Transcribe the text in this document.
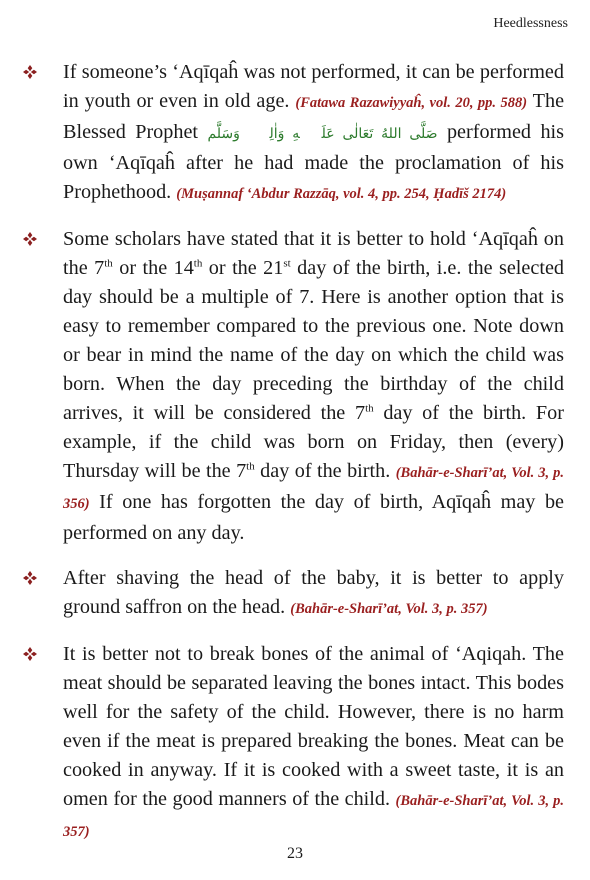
Heedlessness
If someone’s ‘Aqīqaĥ was not performed, it can be performed in youth or even in old age. (Fatawa Razawiyyaĥ, vol. 20, pp. 588) The Blessed Prophet صَلَّى اللهُ تَعَالٰى عَلَيۡهِ وَاٰلِهٖ وَسَلَّم performed his own ‘Aqīqaĥ after he had made the proclamation of his Prophethood. (Muṣannaf ‘Abdur Razzāq, vol. 4, pp. 254, Ḥadīš 2174)
Some scholars have stated that it is better to hold ‘Aqīqaĥ on the 7th or the 14th or the 21st day of the birth, i.e. the selected day should be a multiple of 7. Here is another option that is easy to remember compared to the previous one. Note down or bear in mind the name of the day on which the child was born. When the day preceding the birthday of the child arrives, it will be considered the 7th day of the birth. For example, if the child was born on Friday, then (every) Thursday will be the 7th day of the birth. (Bahār-e-Sharī’at, Vol. 3, p. 356) If one has forgotten the day of birth, Aqīqaĥ may be performed on any day.
After shaving the head of the baby, it is better to apply ground saffron on the head. (Bahār-e-Sharī’at, Vol. 3, p. 357)
It is better not to break bones of the animal of ‘Aqiqah. The meat should be separated leaving the bones intact. This bodes well for the safety of the child. However, there is no harm even if the meat is prepared breaking the bones. Meat can be cooked in anyway. If it is cooked with a sweet taste, it is an omen for the good manners of the child. (Bahār-e-Sharī’at, Vol. 3, p. 357)
23
